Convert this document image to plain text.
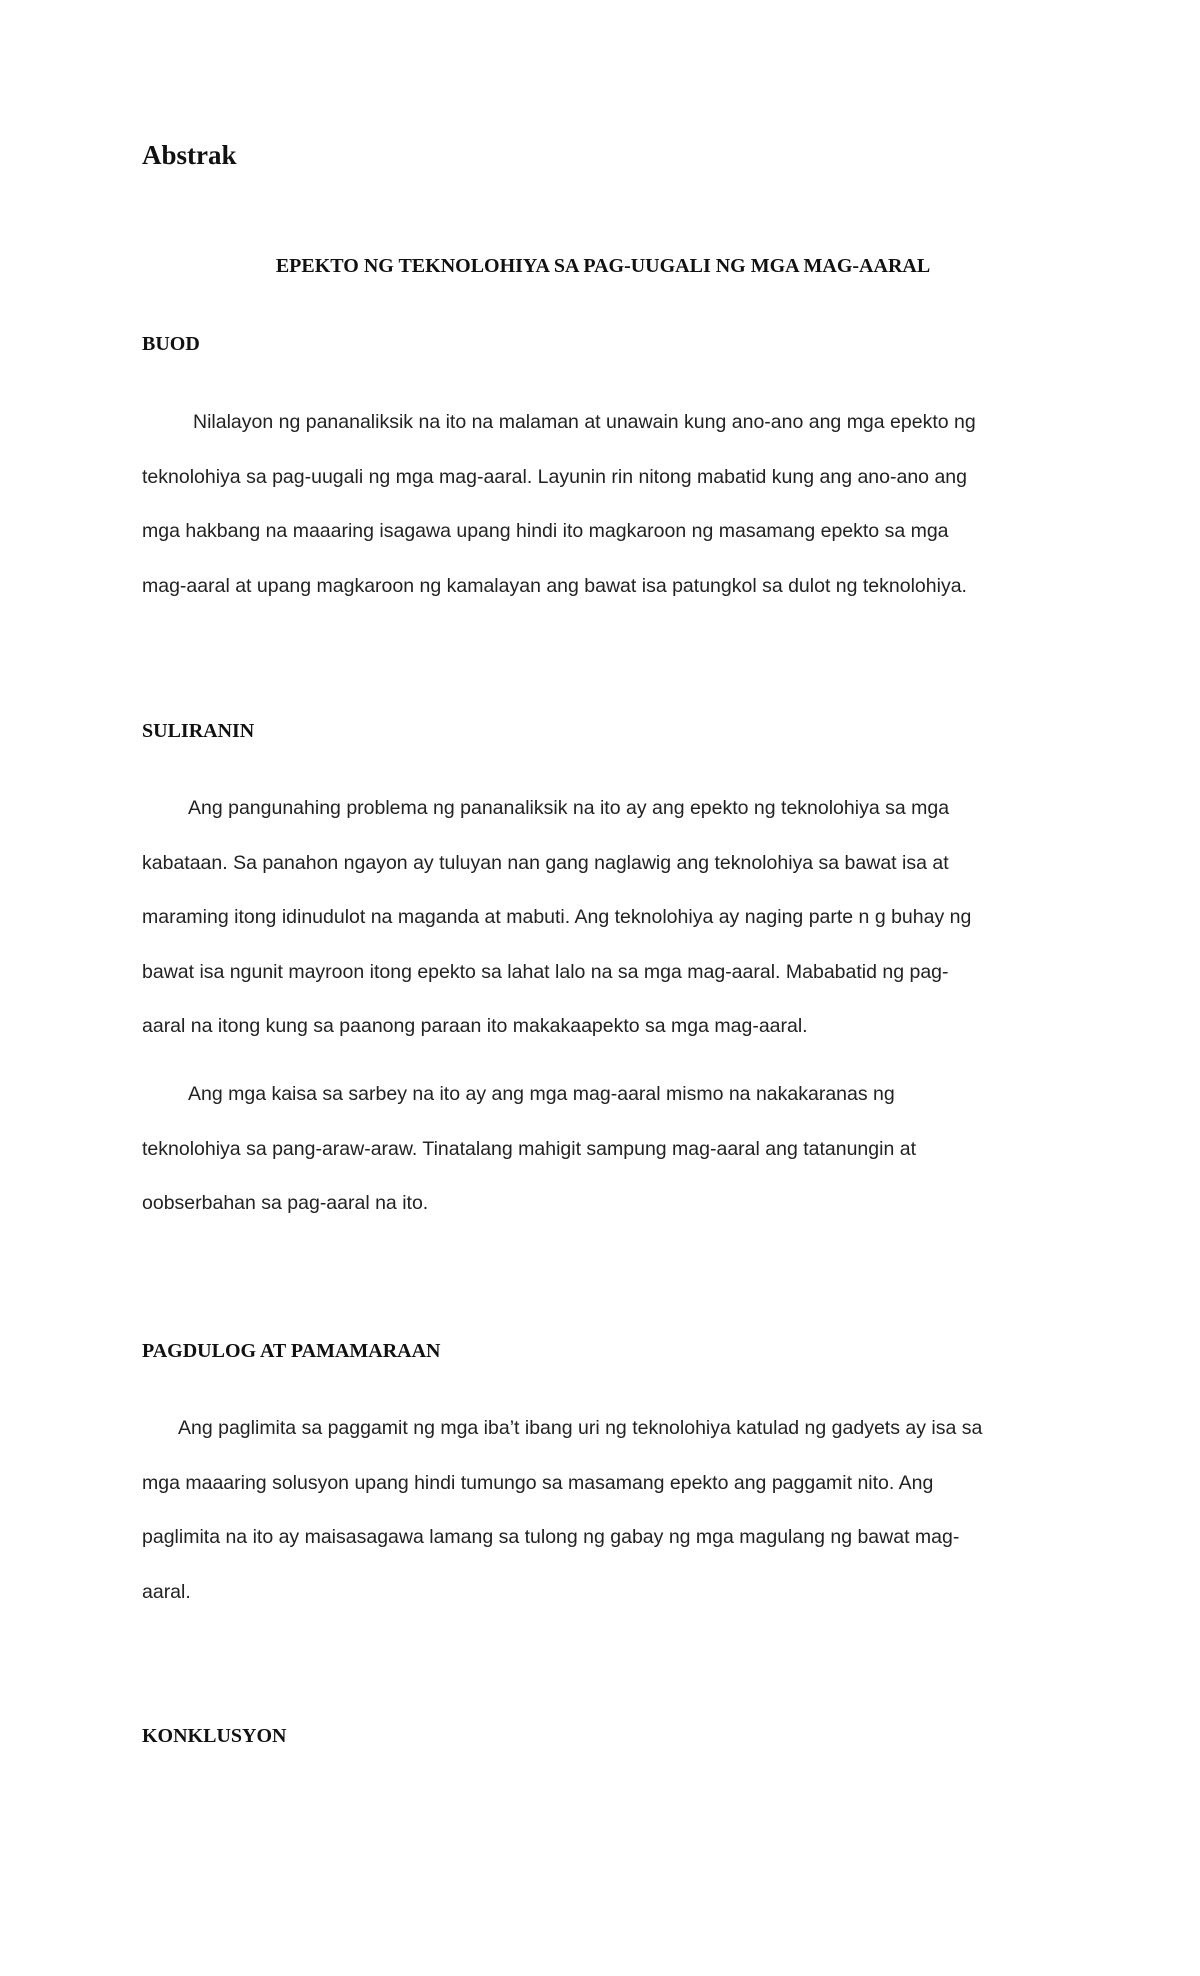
Abstrak
EPEKTO NG TEKNOLOHIYA SA PAG-UUGALI NG MGA MAG-AARAL
BUOD

Nilalayon ng pananaliksik na ito na malaman at unawain kung ano-ano ang mga epekto ng
teknolohiya sa pag-uugali ng mga mag-aaral. Layunin rin nitong mabatid kung ang ano-ano ang
mga hakbang na maaaring isagawa upang hindi ito magkaroon ng masamang epekto sa mga
mag-aaral at upang magkaroon ng kamalayan ang bawat isa patungkol sa dulot ng teknolohiya.

SULIRANIN

Ang pangunahing problema ng pananaliksik na ito ay ang epekto ng teknolohiya sa mga
kabataan. Sa panahon ngayon ay tuluyan nan gang naglawig ang teknolohiya sa bawat isa at
maraming itong idinudulot na maganda at mabuti. Ang teknolohiya ay naging parte n g buhay ng
bawat isa ngunit mayroon itong epekto sa lahat lalo na sa mga mag-aaral. Mababatid ng pag-
aaral na itong kung sa paanong paraan ito makakaapekto sa mga mag-aaral.

Ang mga kaisa sa sarbey na ito ay ang mga mag-aaral mismo na nakakaranas ng
teknolohiya sa pang-araw-araw. Tinatalang mahigit sampung mag-aaral ang tatanungin at
oobserbahan sa pag-aaral na ito.

PAGDULOG AT PAMAMARAAN

Ang paglimita sa paggamit ng mga iba’t ibang uri ng teknolohiya katulad ng gadyets ay isa sa
mga maaaring solusyon upang hindi tumungo sa masamang epekto ang paggamit nito. Ang
paglimita na ito ay maisasagawa lamang sa tulong ng gabay ng mga magulang ng bawat mag-
aaral.

KONKLUSYON
